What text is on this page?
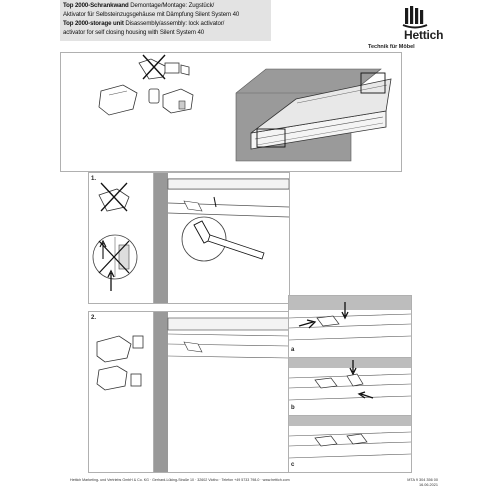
Top 2000-Schrankwand Demontage/Montage: Zugstück/
Aktivator für Selbsteinzugsgehäuse mit Dämpfung Silent System 40
Top 2000-storage unit Disassembly/assembly: lock activator/
activator for self closing housing with Silent System 40	Hettich
Technik für Möbel
1.
2.
a
b
c
Hettich Marketing- und Vertriebs GmbH & Co. KG · Gerhard-Lüking-Straße 10 · 32602 Vlotho · Telefon +49 5733 798-0 · www.hettich.com	MTA 9 304 356 00
16.06.2021
